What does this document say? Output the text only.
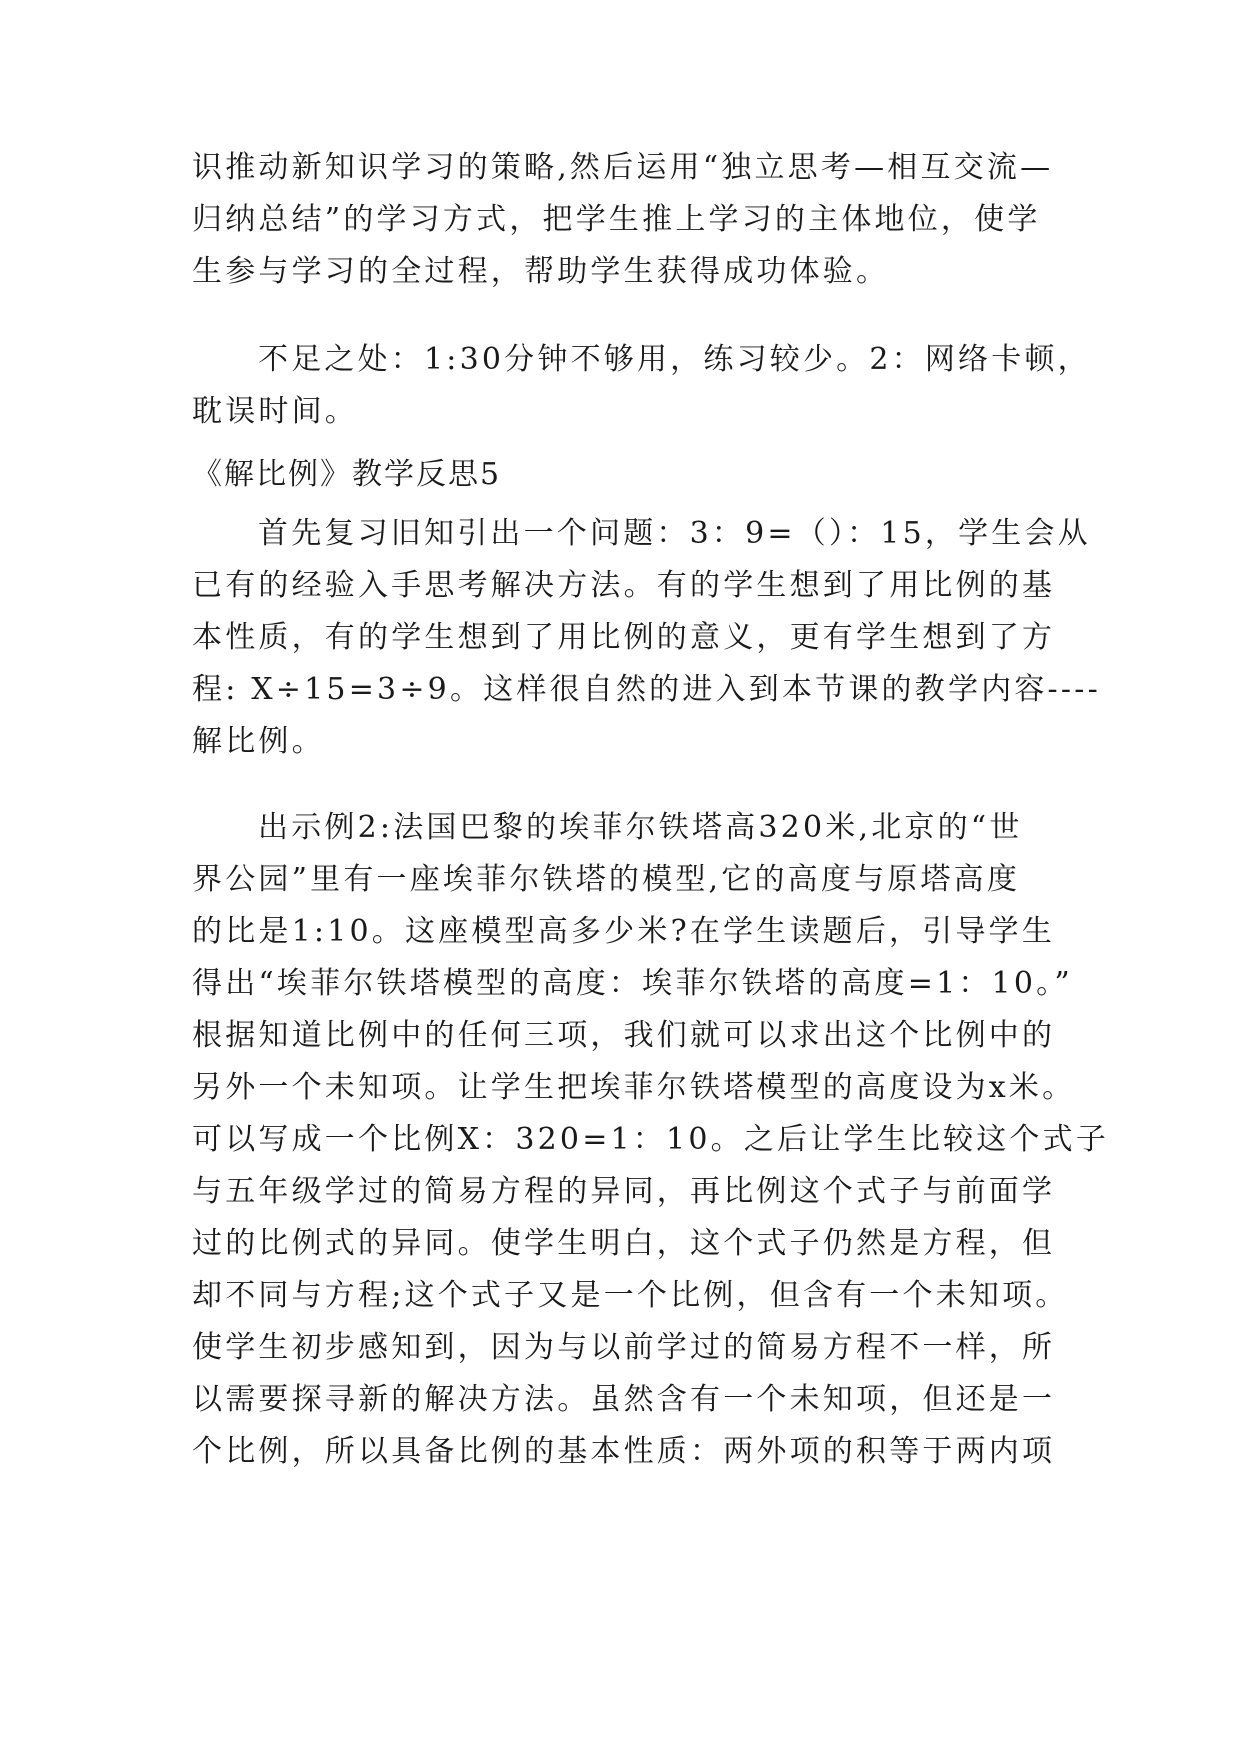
识推动新知识学习的策略,然后运用“独立思考—相互交流—
归纳总结”的学习方式，把学生推上学习的主体地位，使学
生参与学习的全过程，帮助学生获得成功体验。
不足之处：1:30分钟不够用，练习较少。2：网络卡顿，
耽误时间。
《解比例》教学反思5
首先复习旧知引出一个问题：3：9=（）：15，学生会从
已有的经验入手思考解决方法。有的学生想到了用比例的基
本性质，有的学生想到了用比例的意义，更有学生想到了方
程: X÷15=3÷9。这样很自然的进入到本节课的教学内容----
解比例。
出示例2:法国巴黎的埃菲尔铁塔高320米,北京的“世
界公园”里有一座埃菲尔铁塔的模型,它的高度与原塔高度
的比是1:10。这座模型高多少米?在学生读题后，引导学生
得出“埃菲尔铁塔模型的高度：埃菲尔铁塔的高度=1：10。”
根据知道比例中的任何三项，我们就可以求出这个比例中的
另外一个未知项。让学生把埃菲尔铁塔模型的高度设为x米。
可以写成一个比例X：320=1：10。之后让学生比较这个式子
与五年级学过的简易方程的异同，再比例这个式子与前面学
过的比例式的异同。使学生明白，这个式子仍然是方程，但
却不同与方程;这个式子又是一个比例，但含有一个未知项。
使学生初步感知到，因为与以前学过的简易方程不一样，所
以需要探寻新的解决方法。虽然含有一个未知项，但还是一
个比例，所以具备比例的基本性质：两外项的积等于两内项
